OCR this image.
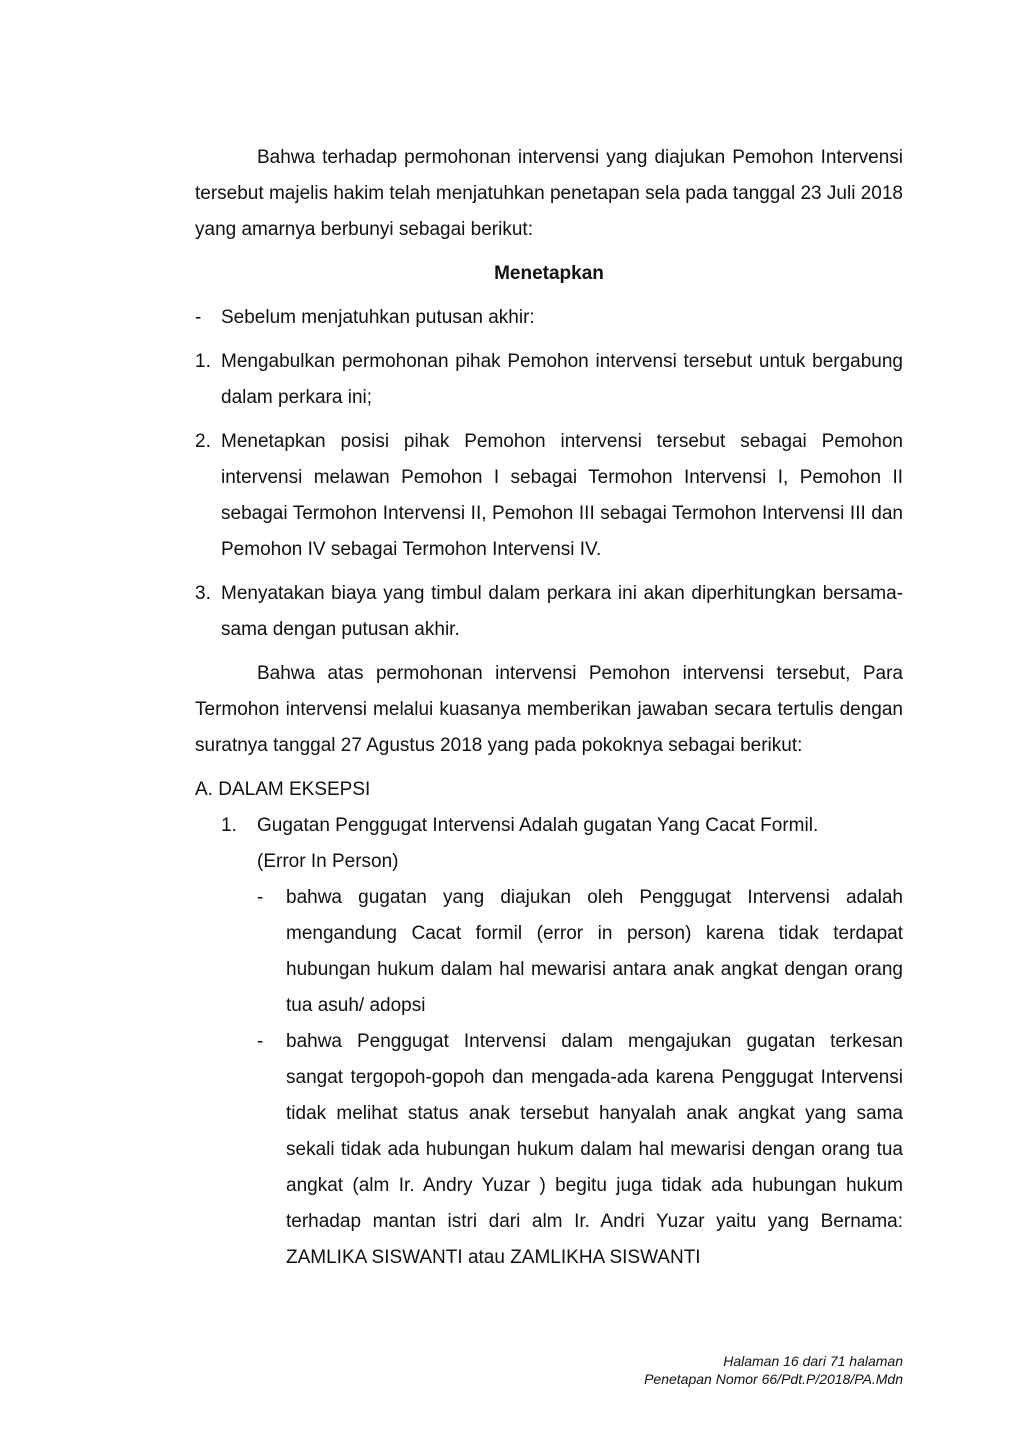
Bahwa terhadap permohonan intervensi yang diajukan Pemohon Intervensi tersebut majelis hakim telah menjatuhkan penetapan sela pada tanggal 23 Juli 2018 yang amarnya berbunyi sebagai berikut:

Menetapkan

-	Sebelum menjatuhkan putusan akhir:
1. Mengabulkan permohonan pihak Pemohon intervensi tersebut untuk bergabung dalam perkara ini;
2. Menetapkan posisi pihak Pemohon intervensi tersebut sebagai Pemohon intervensi melawan Pemohon I sebagai Termohon Intervensi I, Pemohon II sebagai Termohon Intervensi II, Pemohon III sebagai Termohon Intervensi III dan Pemohon IV sebagai Termohon Intervensi IV.
3. Menyatakan biaya yang timbul dalam perkara ini akan diperhitungkan bersama-sama dengan putusan akhir.

Bahwa atas permohonan intervensi Pemohon intervensi tersebut, Para Termohon intervensi melalui kuasanya memberikan jawaban secara tertulis dengan suratnya tanggal 27 Agustus 2018 yang pada pokoknya sebagai berikut:

A. DALAM EKSEPSI

1.	Gugatan Penggugat Intervensi Adalah gugatan Yang Cacat Formil.
(Error In Person)
-	bahwa gugatan yang diajukan oleh Penggugat Intervensi adalah mengandung Cacat formil (error in person) karena tidak terdapat hubungan hukum dalam hal mewarisi antara anak angkat dengan orang tua asuh/ adopsi
-	bahwa Penggugat Intervensi dalam mengajukan gugatan terkesan sangat tergopoh-gopoh dan mengada-ada karena Penggugat Intervensi tidak melihat status anak tersebut hanyalah anak angkat yang sama sekali tidak ada hubungan hukum dalam hal mewarisi dengan orang tua angkat (alm Ir. Andry Yuzar ) begitu juga tidak ada hubungan hukum terhadap mantan istri dari alm Ir. Andri Yuzar yaitu yang Bernama: ZAMLIKA SISWANTI atau ZAMLIKHA SISWANTI
Halaman 16 dari 71 halaman
Penetapan Nomor 66/Pdt.P/2018/PA.Mdn
